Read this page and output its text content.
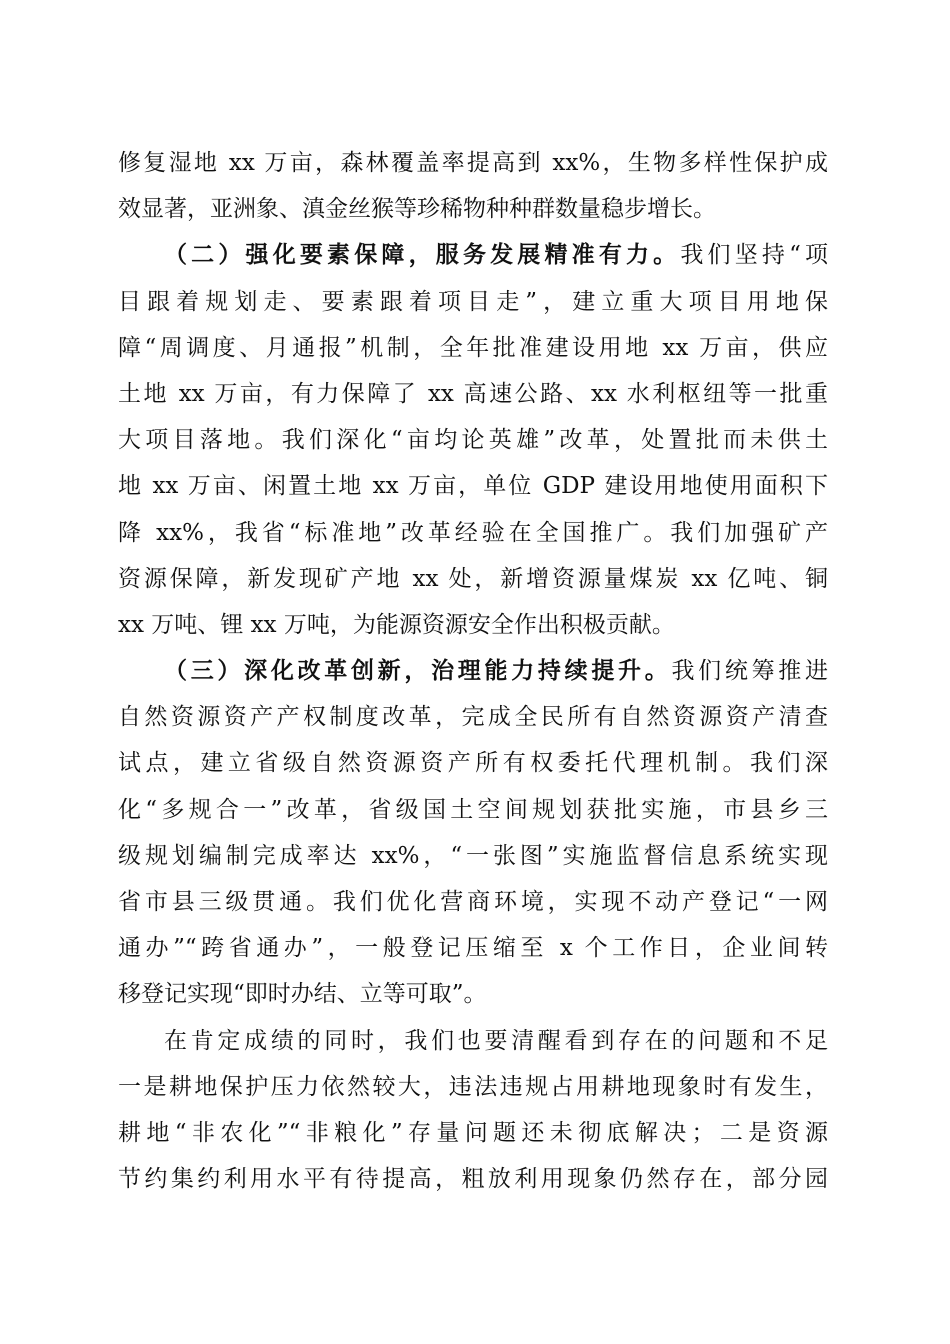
修复湿地 xx 万亩，森林覆盖率提高到 xx%，生物多样性保护成
效显著，亚洲象、滇金丝猴等珍稀物种种群数量稳步增长。
（二）强化要素保障，服务发展精准有力。我们坚持“项
目跟着规划走、要素跟着项目走”，建立重大项目用地保
障“周调度、月通报”机制，全年批准建设用地 xx 万亩，供应
土地 xx 万亩，有力保障了 xx 高速公路、xx 水利枢纽等一批重
大项目落地。我们深化“亩均论英雄”改革，处置批而未供土
地 xx 万亩、闲置土地 xx 万亩，单位 GDP 建设用地使用面积下
降 xx%，我省“标准地”改革经验在全国推广。我们加强矿产
资源保障，新发现矿产地 xx 处，新增资源量煤炭 xx 亿吨、铜
xx 万吨、锂 xx 万吨，为能源资源安全作出积极贡献。
（三）深化改革创新，治理能力持续提升。我们统筹推进
自然资源资产产权制度改革，完成全民所有自然资源资产清查
试点，建立省级自然资源资产所有权委托代理机制。我们深
化“多规合一”改革，省级国土空间规划获批实施，市县乡三
级规划编制完成率达 xx%，“一张图”实施监督信息系统实现
省市县三级贯通。我们优化营商环境，实现不动产登记“一网
通办”“跨省通办”，一般登记压缩至 x 个工作日，企业间转
移登记实现“即时办结、立等可取”。
在肯定成绩的同时，我们也要清醒看到存在的问题和不足
一是耕地保护压力依然较大，违法违规占用耕地现象时有发生，
耕地“非农化”“非粮化”存量问题还未彻底解决；二是资源
节约集约利用水平有待提高，粗放利用现象仍然存在，部分园
